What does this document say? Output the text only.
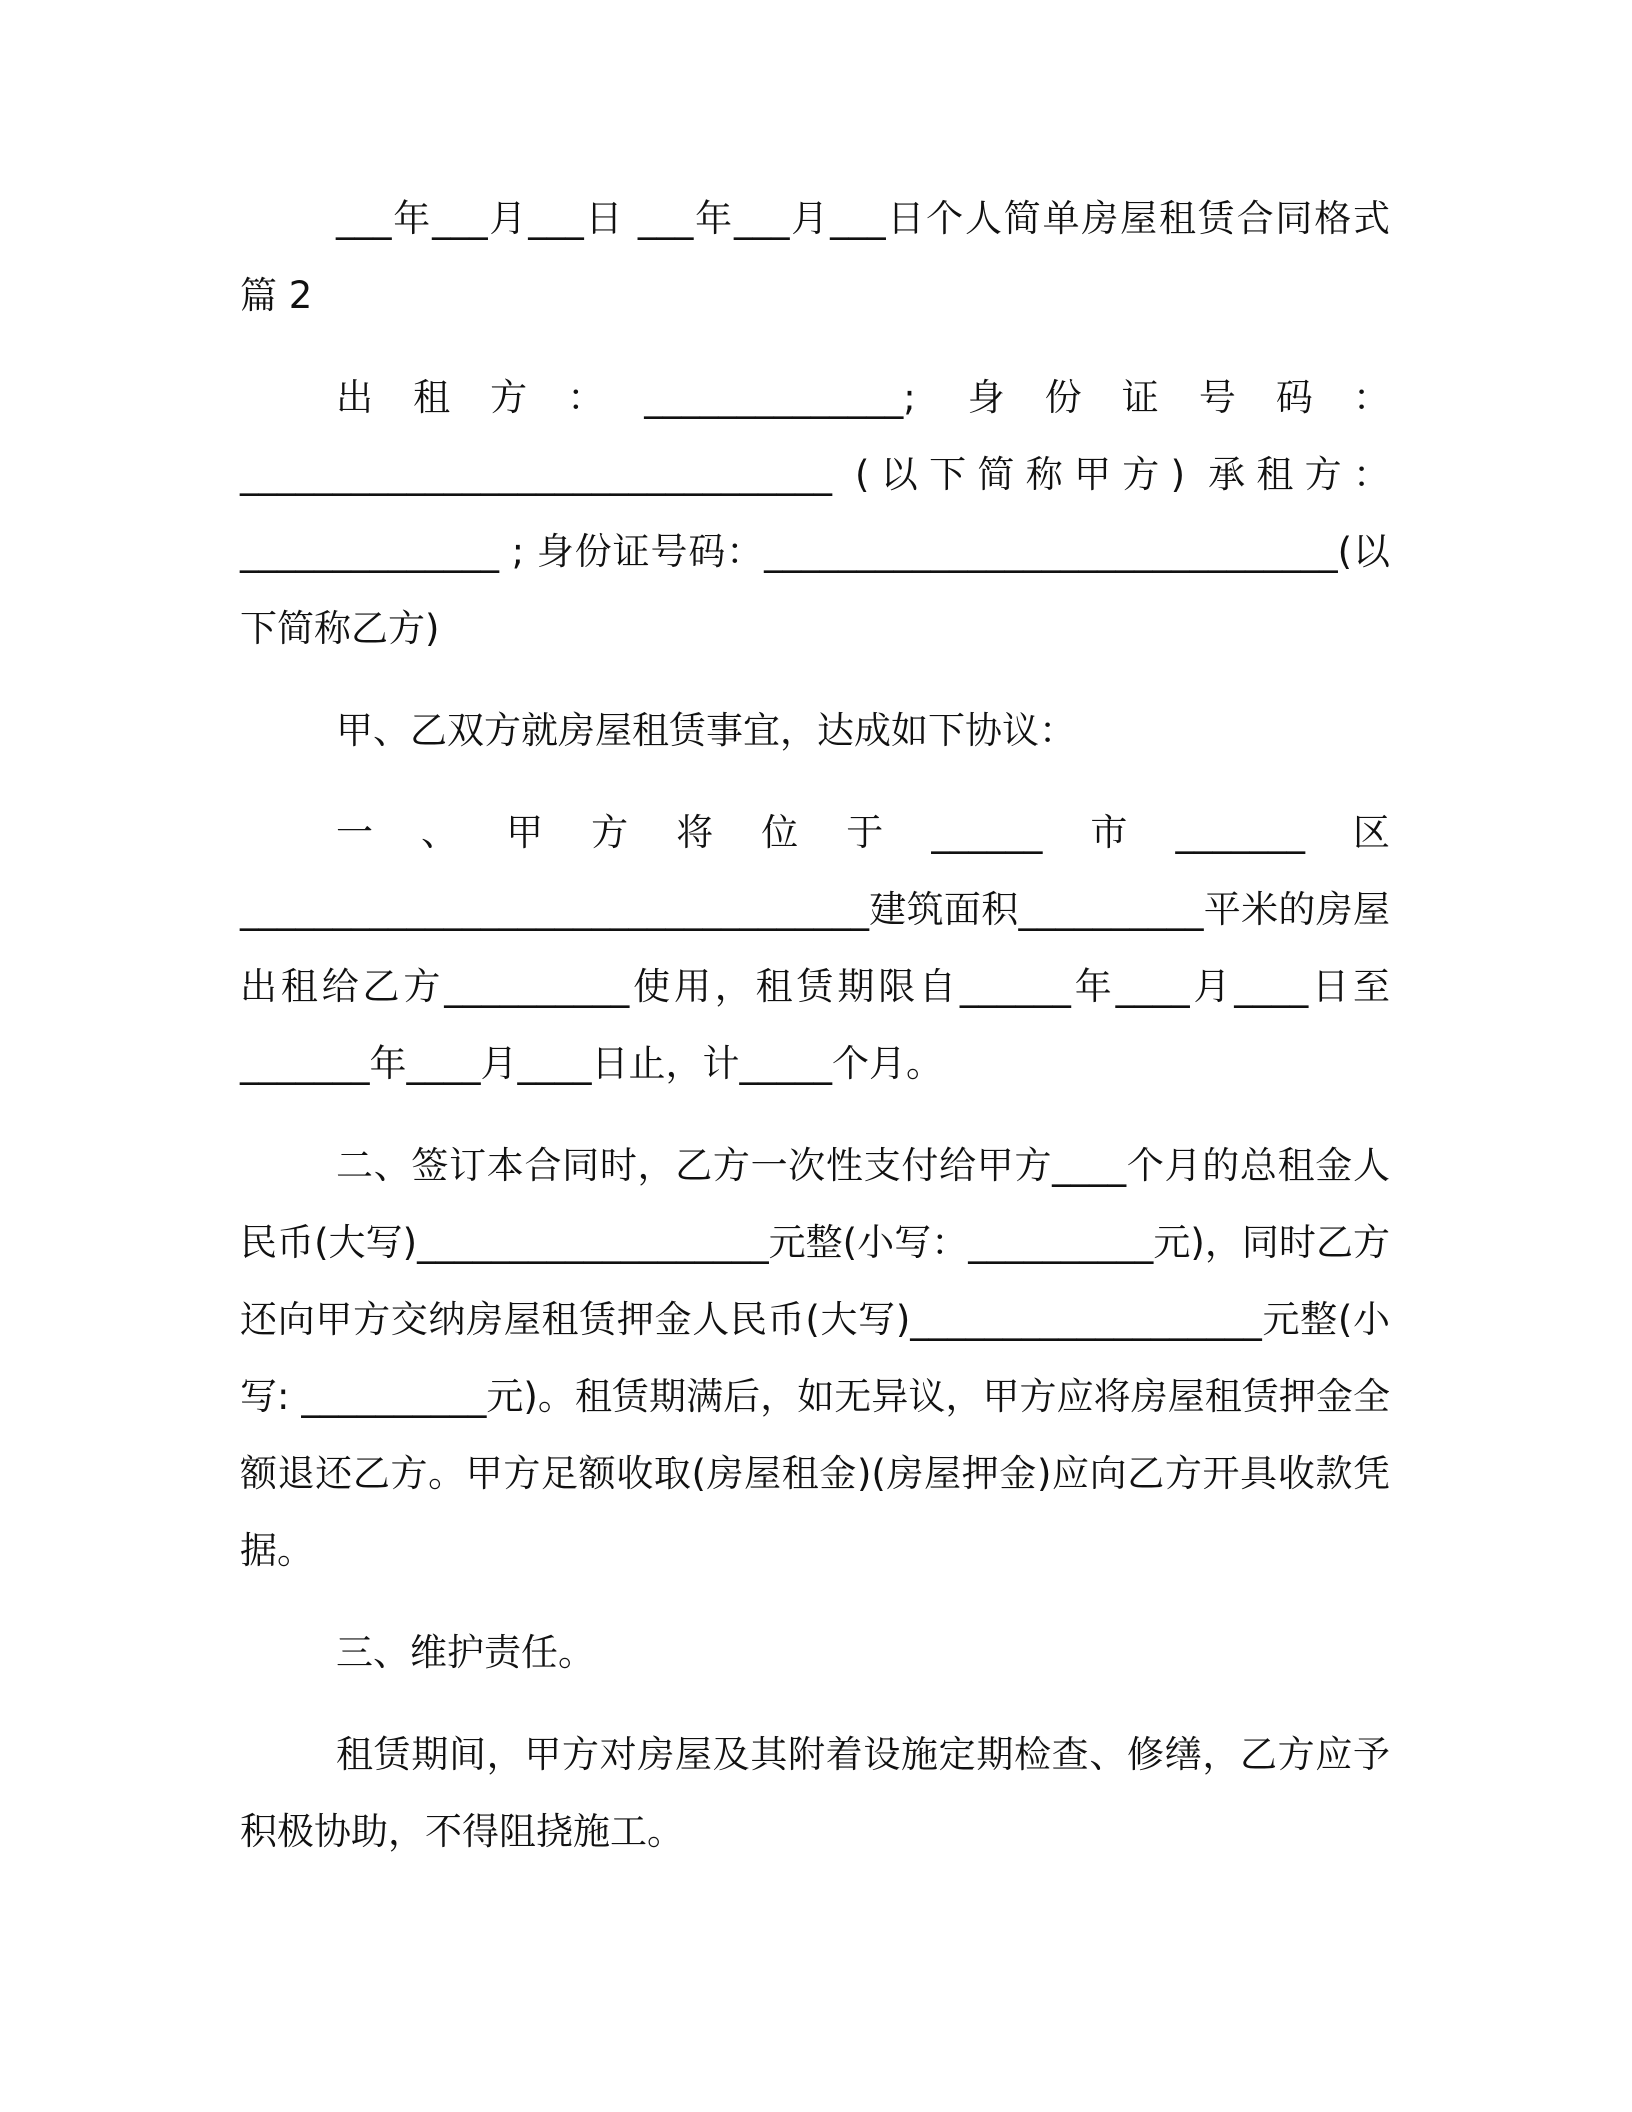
___年___月___日 ___年___月___日个人简单房屋租赁合同格式 篇 2

出租方：______________; 身份证号码：________________________________ (以下简称甲方) 承租方：______________ ; 身份证号码：_______________________________(以下简称乙方)

甲、乙双方就房屋租赁事宜，达成如下协议：

一、甲方将位于______市_______区__________________________________建筑面积__________平米的房屋出租给乙方__________使用，租赁期限自______年____月____日至_______年____月____日止，计_____个月。

二、签订本合同时，乙方一次性支付给甲方____个月的总租金人民币(大写)___________________元整(小写：__________元)，同时乙方还向甲方交纳房屋租赁押金人民币(大写)___________________元整(小写: __________元)。租赁期满后，如无异议，甲方应将房屋租赁押金全额退还乙方。甲方足额收取(房屋租金)(房屋押金)应向乙方开具收款凭据。

三、维护责任。

租赁期间，甲方对房屋及其附着设施定期检查、修缮，乙方应予积极协助，不得阻挠施工。
